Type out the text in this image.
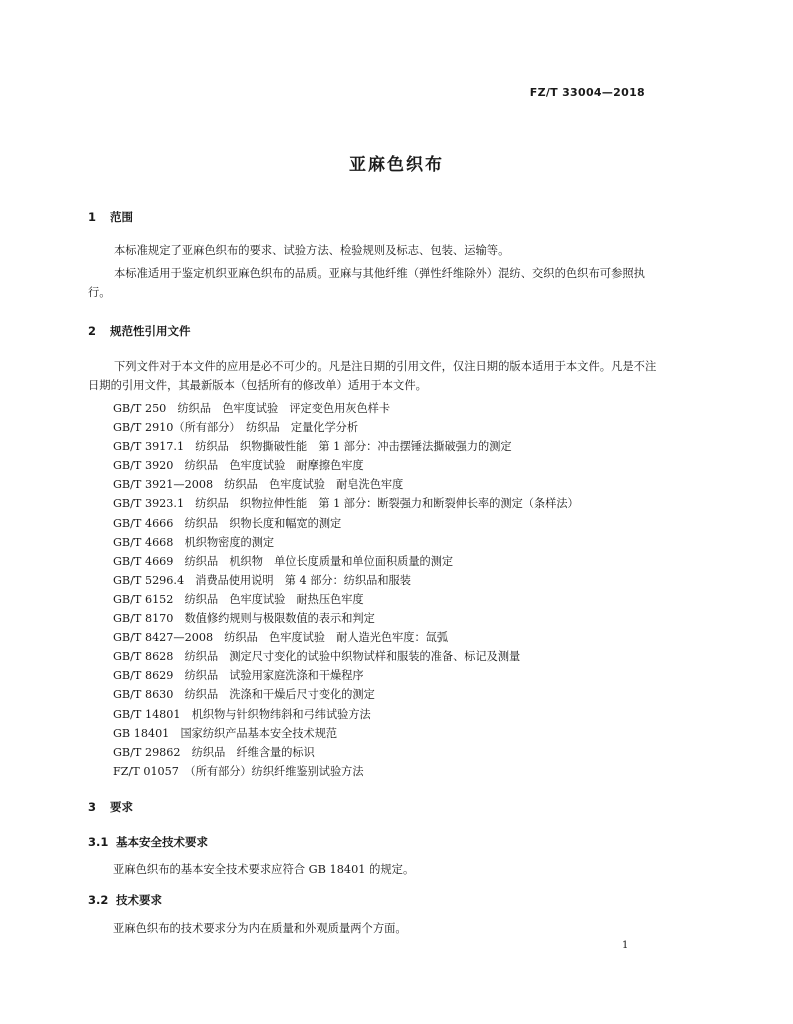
FZ/T 33004—2018
亚麻色织布
1 范围
本标准规定了亚麻色织布的要求、试验方法、检验规则及标志、包装、运输等。
本标准适用于鉴定机织亚麻色织布的品质。亚麻与其他纤维（弹性纤维除外）混纺、交织的色织布可参照执行。
2 规范性引用文件
下列文件对于本文件的应用是必不可少的。凡是注日期的引用文件，仅注日期的版本适用于本文件。凡是不注日期的引用文件，其最新版本（包括所有的修改单）适用于本文件。
GB/T 250　纺织品　色牢度试验　评定变色用灰色样卡
GB/T 2910（所有部分）　纺织品　定量化学分析
GB/T 3917.1　纺织品　织物撕破性能　第 1 部分：冲击摆锤法撕破强力的测定
GB/T 3920　纺织品　色牢度试验　耐摩擦色牢度
GB/T 3921—2008　纺织品　色牢度试验　耐皂洗色牢度
GB/T 3923.1　纺织品　织物拉伸性能　第 1 部分：断裂强力和断裂伸长率的测定（条样法）
GB/T 4666　纺织品　织物长度和幅宽的测定
GB/T 4668　机织物密度的测定
GB/T 4669　纺织品　机织物　单位长度质量和单位面积质量的测定
GB/T 5296.4　消费品使用说明　第 4 部分：纺织品和服装
GB/T 6152　纺织品　色牢度试验　耐热压色牢度
GB/T 8170　数值修约规则与极限数值的表示和判定
GB/T 8427—2008　纺织品　色牢度试验　耐人造光色牢度：氙弧
GB/T 8628　纺织品　测定尺寸变化的试验中织物试样和服装的准备、标记及测量
GB/T 8629　纺织品　试验用家庭洗涤和干燥程序
GB/T 8630　纺织品　洗涤和干燥后尺寸变化的测定
GB/T 14801　机织物与针织物纬斜和弓纬试验方法
GB 18401　国家纺织产品基本安全技术规范
GB/T 29862　纺织品　纤维含量的标识
FZ/T 01057　（所有部分）纺织纤维鉴别试验方法
3 要求
3.1 基本安全技术要求
亚麻色织布的基本安全技术要求应符合 GB 18401 的规定。
3.2 技术要求
亚麻色织布的技术要求分为内在质量和外观质量两个方面。
1
